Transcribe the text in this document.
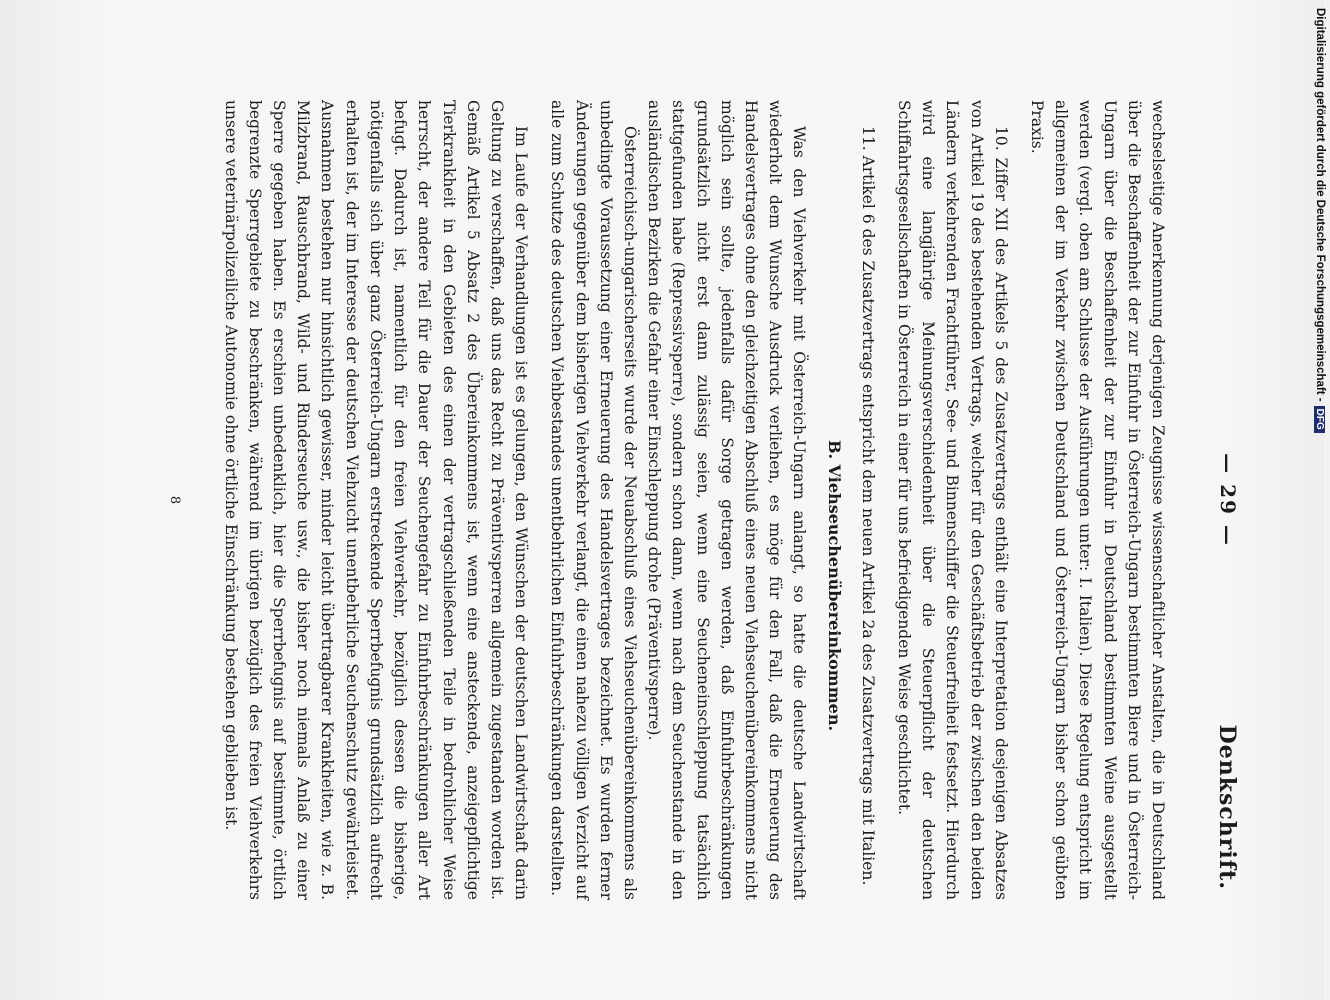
— 29 —
Denkschrift.

wechselseitige Anerkennung derjenigen Zeugnisse wissenschaftlicher Anstalten, die in Deutschland über die Beschaffenheit der zur Einfuhr in Österreich-Ungarn bestimmten Biere und in Österreich-Ungarn über die Beschaffenheit der zur Einfuhr in Deutschland bestimmten Weine ausgestellt werden (vergl. oben am Schlusse der Ausführungen unter: I. Italien). Diese Regelung entspricht im allgemeinen der im Verkehr zwischen Deutschland und Österreich-Ungarn bisher schon geübten Praxis.

10. Ziffer XII des Artikels 5 des Zusatzvertrags enthält eine Interpretation desjenigen Absatzes von Artikel 19 des bestehenden Vertrags, welcher für den Geschäftsbetrieb der zwischen den beiden Ländern verkehrenden Frachtführer, See- und Binnenschiffer die Steuerfreiheit festsetzt. Hierdurch wird eine langjährige Meinungsverschiedenheit über die Steuerpflicht der deutschen Schiffahrtsgesellschaften in Österreich in einer für uns befriedigenden Weise geschlichtet.

11. Artikel 6 des Zusatzvertrags entspricht dem neuen Artikel 2a des Zusatzvertrags mit Italien.

B. Viehseuchenübereinkommen.

Was den Viehverkehr mit Österreich-Ungarn anlangt, so hatte die deutsche Landwirtschaft wiederholt dem Wunsche Ausdruck verliehen, es möge für den Fall, daß die Erneuerung des Handelsvertrages ohne den gleichzeitigen Abschluß eines neuen Viehseuchenübereinkommens nicht möglich sein sollte, jedenfalls dafür Sorge getragen werden, daß Einfuhrbeschränkungen grundsätzlich nicht erst dann zulässig seien, wenn eine Seucheneinschleppung tatsächlich stattgefunden habe (Repressivsperre), sondern schon dann, wenn nach dem Seuchenstande in den ausländischen Bezirken die Gefahr einer Einschleppung drohe (Präventivsperre).

Österreichisch-ungarischerseits wurde der Neuabschluß eines Viehseuchenübereinkommens als unbedingte Voraussetzung einer Erneuerung des Handelsvertrages bezeichnet. Es wurden ferner Änderungen gegenüber dem bisherigen Viehverkehr verlangt, die einen nahezu völligen Verzicht auf alle zum Schutze des deutschen Viehbestandes unentbehrlichen Einfuhrbeschränkungen darstellten.

Im Laufe der Verhandlungen ist es gelungen, den Wünschen der deutschen Landwirtschaft darin Geltung zu verschaffen, daß uns das Recht zu Präventivsperren allgemein zugestanden worden ist. Gemäß Artikel 5 Absatz 2 des Übereinkommens ist, wenn eine ansteckende, anzeigepflichtige Tierkrankheit in den Gebieten des einen der vertragschließenden Teile in bedrohlicher Weise herrscht, der andere Teil für die Dauer der Seuchengefahr zu Einfuhrbeschränkungen aller Art befugt. Dadurch ist, namentlich für den freien Viehverkehr, bezüglich dessen die bisherige, nötigenfalls sich über ganz Österreich-Ungarn erstreckende Sperrbefugnis grundsätzlich aufrecht erhalten ist, der im Interesse der deutschen Viehzucht unentbehrliche Seuchenschutz gewährleistet. Ausnahmen bestehen nur hinsichtlich gewisser, minder leicht übertragbarer Krankheiten, wie z. B. Milzbrand, Rauschbrand, Wild- und Rinderseuche usw., die bisher noch niemals Anlaß zu einer Sperre gegeben haben. Es erschien unbedenklich, hier die Sperrbefugnis auf bestimmte, örtlich begrenzte Sperrgebiete zu beschränken, während im übrigen bezüglich des freien Viehverkehrs unsere veterinärpolizeiliche Autonomie ohne örtliche Einschränkung bestehen geblieben ist.

8
Digitalisierung gefördert durch die Deutsche Forschungsgemeinschaft -DFG
